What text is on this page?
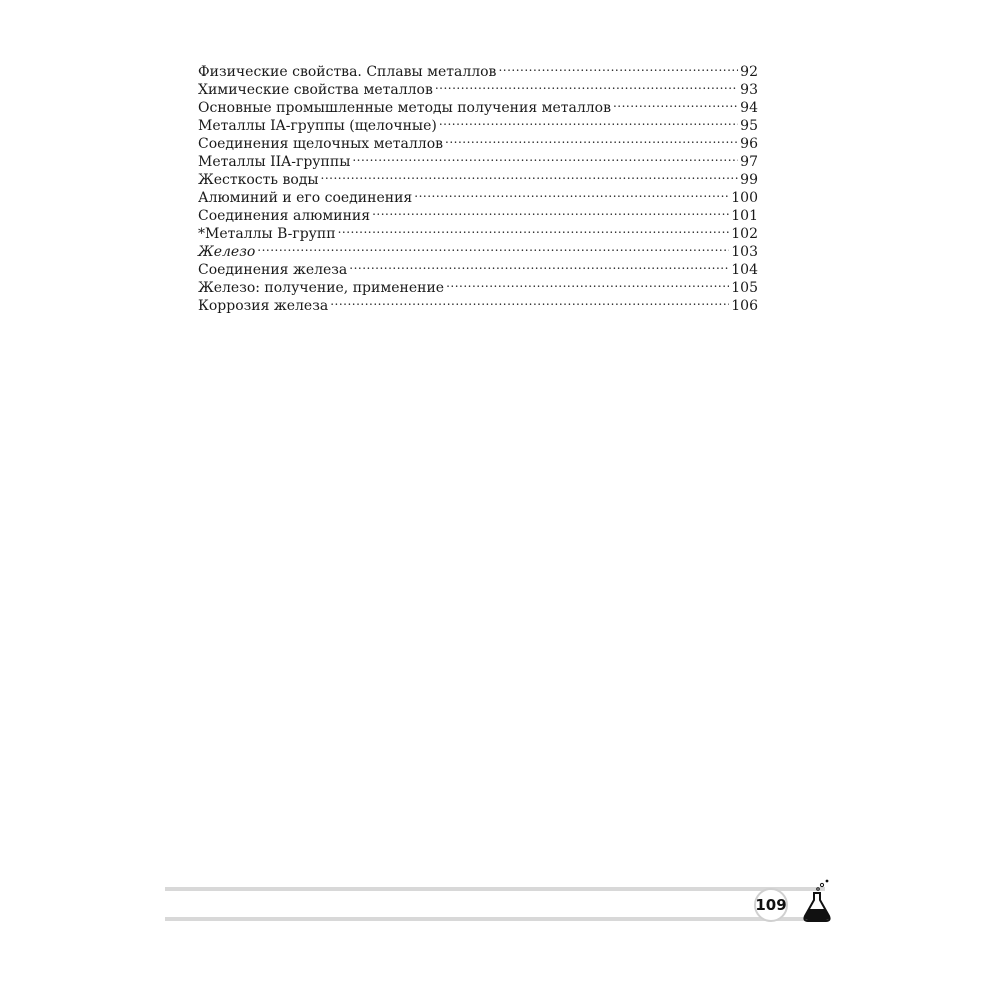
Физические свойства. Сплавы металлов .....	92
Химические свойства металлов .....	93
Основные промышленные методы получения металлов .....	94
Металлы IA-группы (щелочные) .....	95
Соединения щелочных металлов .....	96
Металлы IIA-группы .....	97
Жесткость воды .....	99
Алюминий и его соединения .....	100
Соединения алюминия .....	101
*Металлы B-групп .....	102
Железо .....	103
Соединения железа .....	104
Железо: получение, применение .....	105
Коррозия железа .....	106
109
